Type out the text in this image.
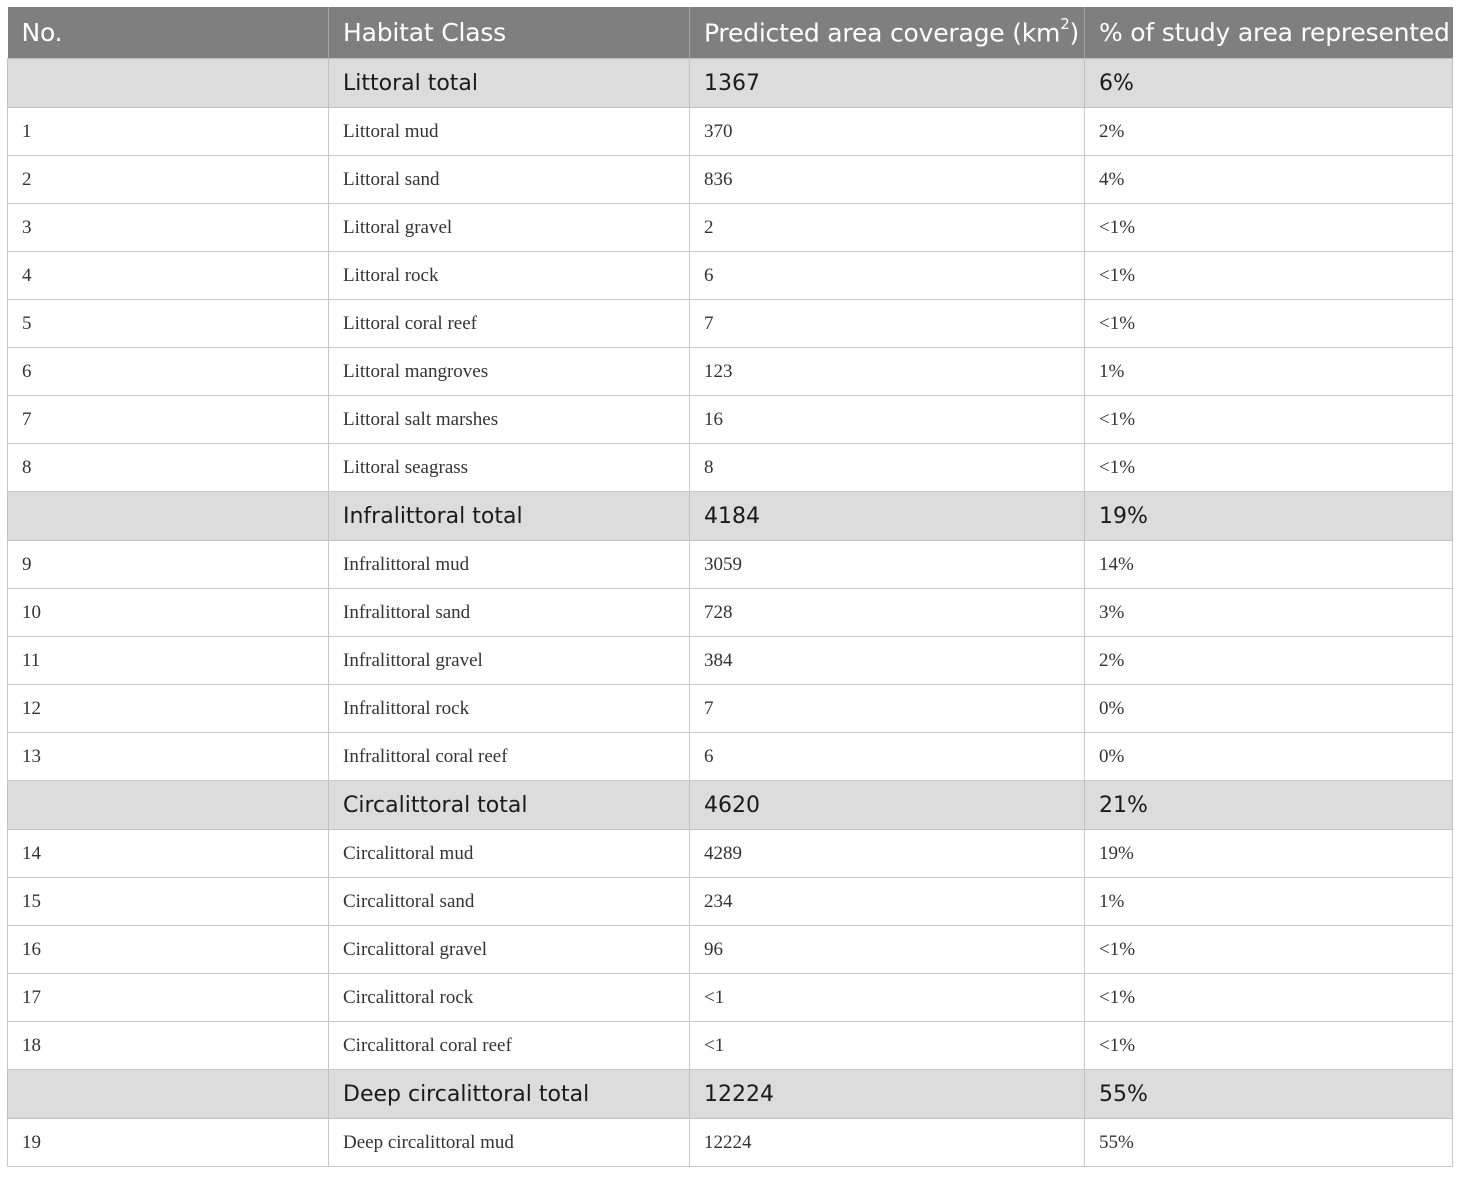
No.	Habitat Class	Predicted area coverage $(km^2)$	% of study area represented
	Littoral total	1367	6%
1	Littoral mud	370	2%
2	Littoral sand	836	4%
3	Littoral gravel	2	<1%
4	Littoral rock	6	<1%
5	Littoral coral reef	7	<1%
6	Littoral mangroves	123	1%
7	Littoral salt marshes	16	<1%
8	Littoral seagrass	8	<1%
	Infralittoral total	4184	19%
9	Infralittoral mud	3059	14%
10	Infralittoral sand	728	3%
11	Infralittoral gravel	384	2%
12	Infralittoral rock	7	0%
13	Infralittoral coral reef	6	0%
	Circalittoral total	4620	21%
14	Circalittoral mud	4289	19%
15	Circalittoral sand	234	1%
16	Circalittoral gravel	96	<1%
17	Circalittoral rock	<1	<1%
18	Circalittoral coral reef	<1	<1%
	Deep circalittoral total	12224	55%
19	Deep circalittoral mud	12224	55%
